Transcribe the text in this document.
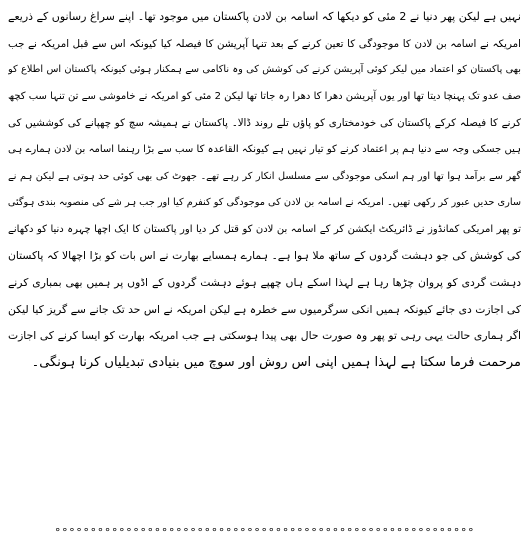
نہیں ہے لیکن پھر دنیا نے 2 مئی کو دیکھا کہ اسامہ بن لادن پاکستان میں موجود تھا۔ اپنے سراغ رسانوں کے ذریعے
امریکہ نے اسامہ بن لادن کا موجودگی کا تعین کرنے کے بعد تنہا آپریشن کا فیصلہ کیا کیونکہ اس سے قبل امریکہ نے جب
بھی پاکستان کو اعتماد میں لیکر کوئی آپریشن کرنے کی کوشش کی وہ ناکامی سے ہمکنار ہوئی کیونکہ پاکستان اس اطلاع کو
صف عدو تک پہنچا دیتا تھا اور یوں آپریشن دھرا کا دھرا رہ جاتا تھا لیکن 2 مئی کو امریکہ نے خاموشی سے تن تنہا سب کچھ
کرنے کا فیصلہ کرکے پاکستان کی خودمختاری کو پاؤں تلے روند ڈالا۔ پاکستان نے ہمیشہ سچ کو چھپانے کی کوششیں کی
ہیں جسکی وجہ سے دنیا ہم پر اعتماد کرنے کو تیار نہیں ہے کیونکہ القاعدہ کا سب سے بڑا رہنما اسامہ بن لادن ہمارے ہی
گھر سے برآمد ہوا تھا اور ہم اسکی موجودگی سے مسلسل انکار کر رہے تھے۔ جھوٹ کی بھی کوئی حد ہوتی ہے لیکن ہم نے
ساری حدیں عبور کر رکھی تھیں۔ امریکہ نے اسامہ بن لادن کی موجودگی کو کنفرم کیا اور جب ہر شے کی منصوبہ بندی ہوگئی
تو پھر امریکی کمانڈوز نے ڈائریکٹ ایکشن کر کے اسامہ بن لادن کو قتل کر دیا اور پاکستان کا ایک اچھا چہرہ دنیا کو دکھانے
کی کوشش کی جو دہشت گردوں کے ساتھ ملا ہوا ہے۔ ہمارے ہمسایے بھارت نے اس بات کو بڑا اچھالا کہ پاکستان
دہشت گردی کو پروان چڑھا رہا ہے لہذا اسکے ہاں چھپے ہوئے دہشت گردوں کے اڈوں پر ہمیں بھی بمباری کرنے
کی اجازت دی جائے کیونکہ ہمیں انکی سرگرمیوں سے خطرہ ہے لیکن امریکہ نے اس حد تک جانے سے گریز کیا لیکن
اگر ہماری حالت یہی رہی تو پھر وہ صورت حال بھی پیدا ہوسکتی ہے جب امریکہ بھارت کو ایسا کرنے کی اجازت
مرحمت فرما سکتا ہے لہذا ہمیں اپنی اس روش اور سوچ میں بنیادی تبدیلیاں کرنا ہونگی۔
°°°°°°°°°°°°°°°°°°°°°°°°°°°°°°°°°°°°°°°°°°°°°°°°°°°°°°°°°°°
